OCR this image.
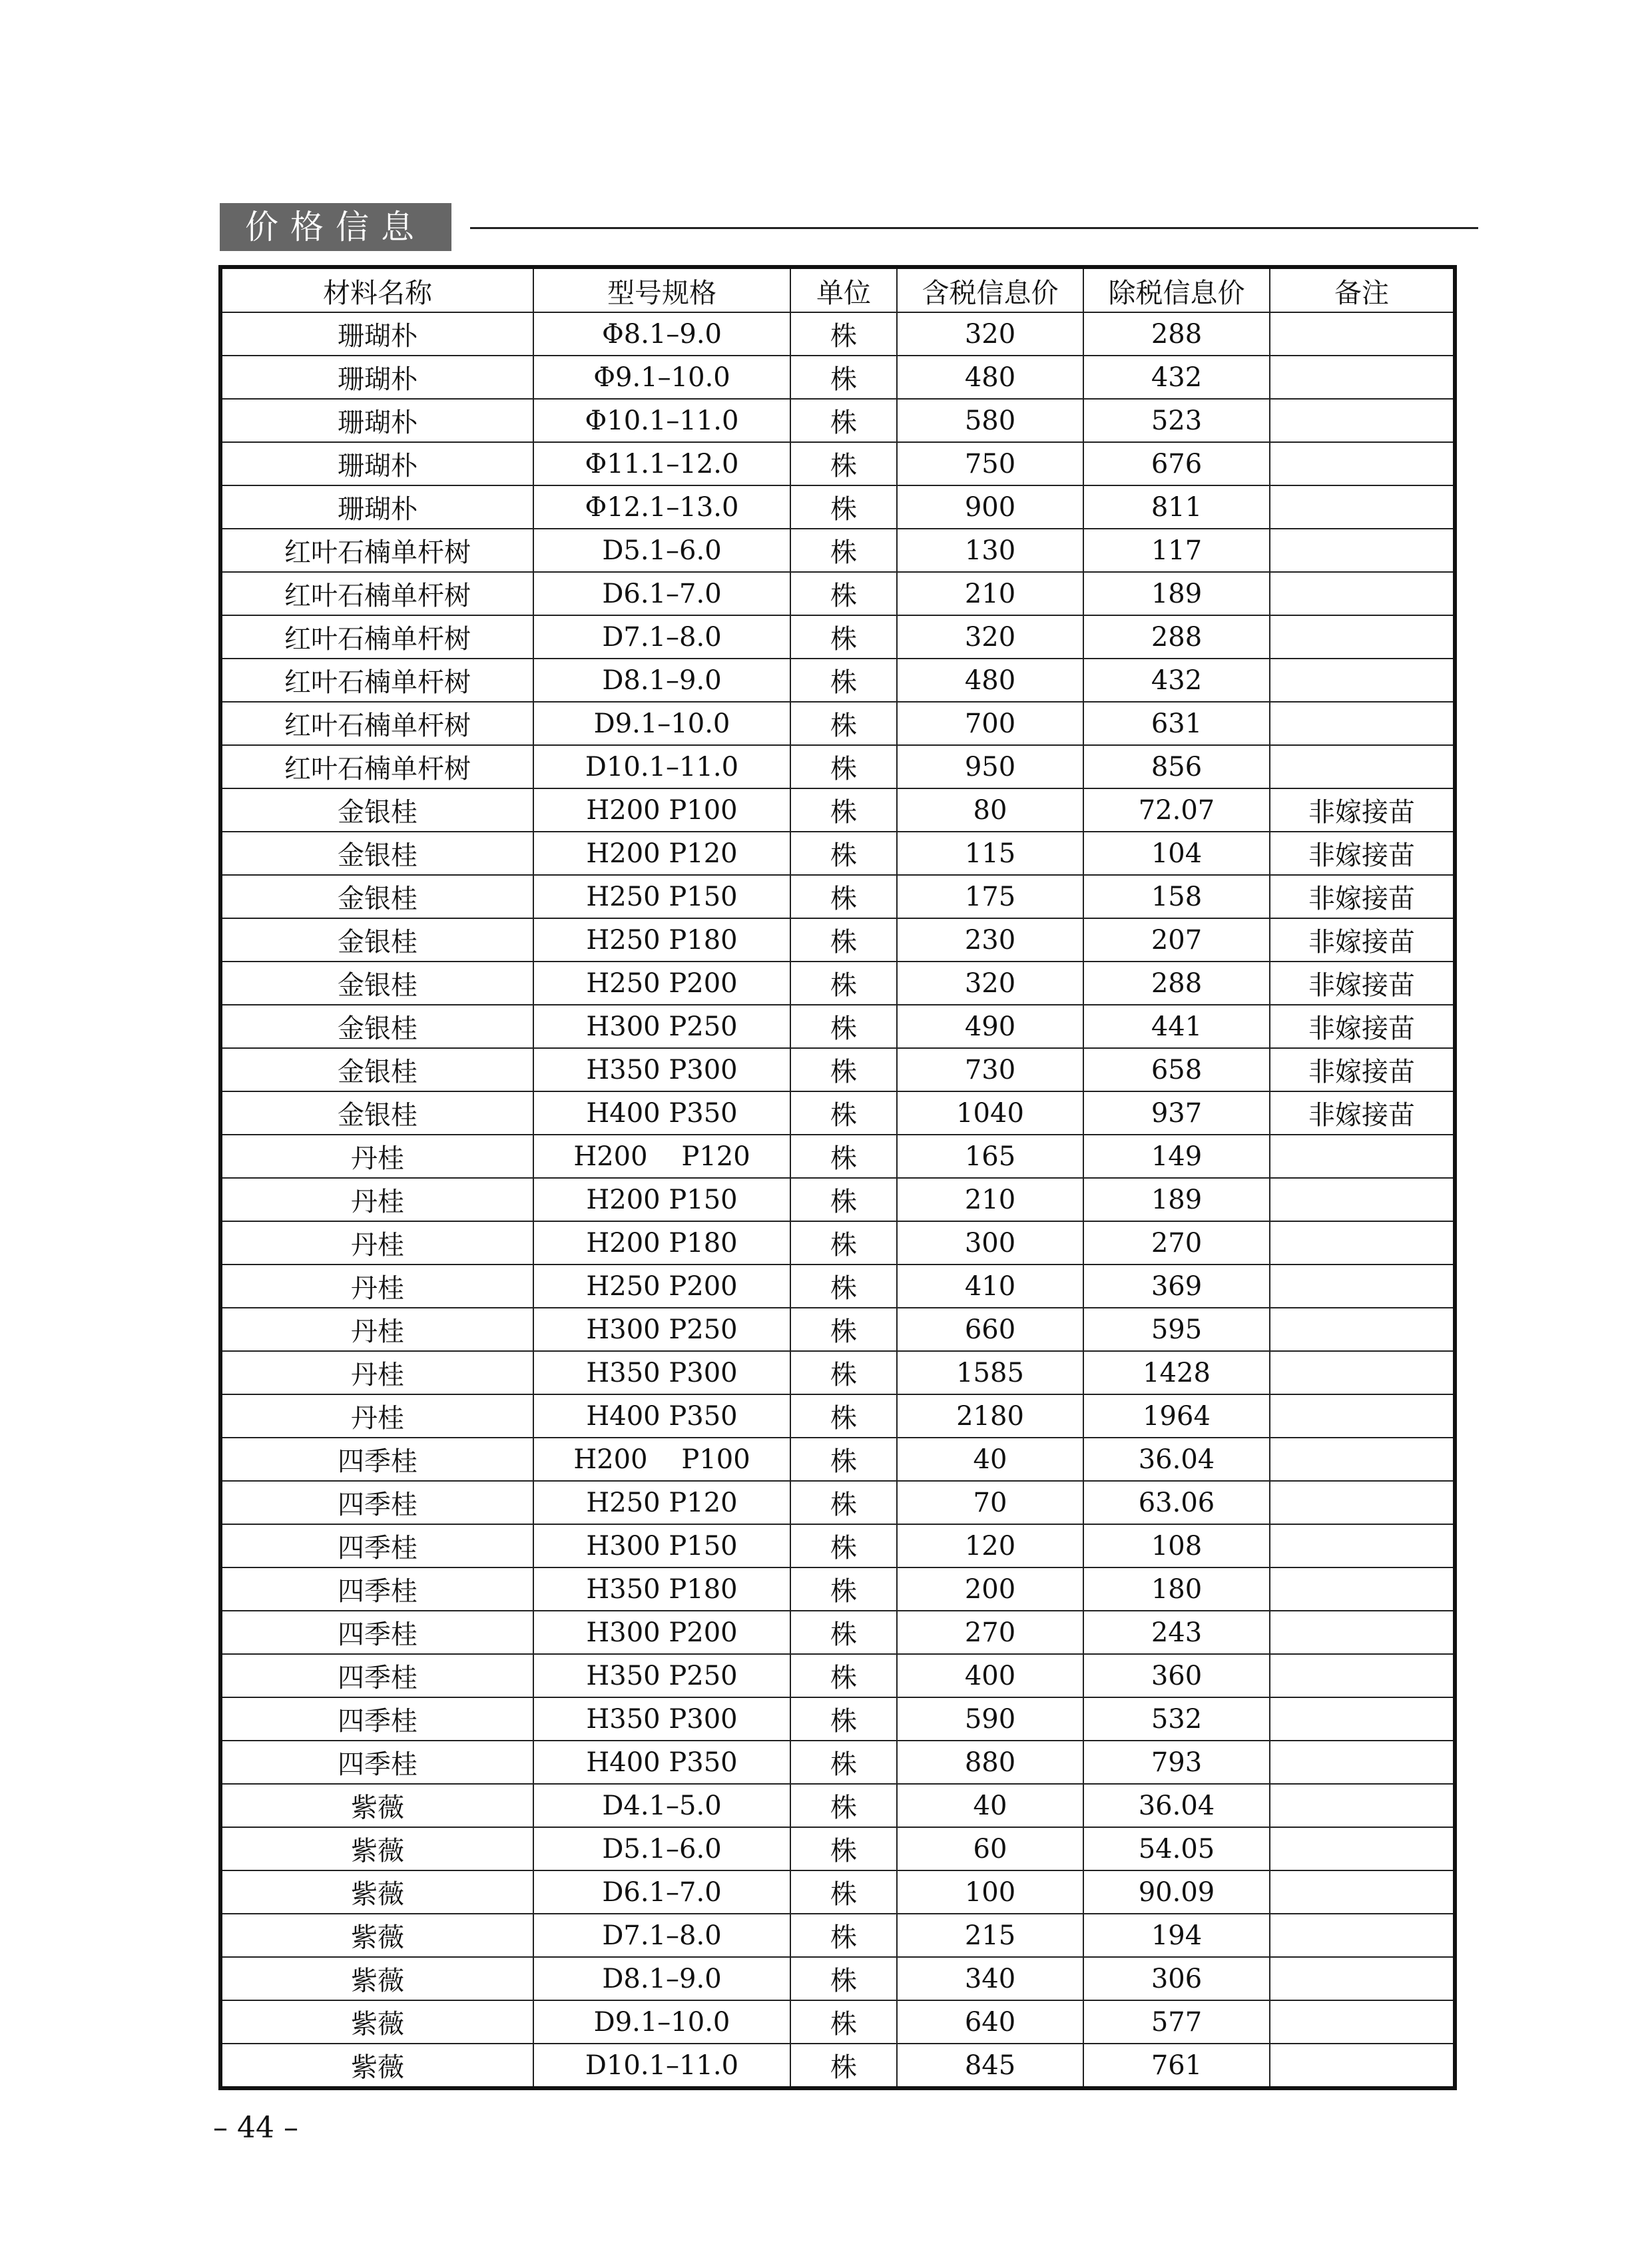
价格信息
材料名称	型号规格	单位	含税信息价	除税信息价	备注
珊瑚朴	Φ8.1–9.0	株	320	288	
珊瑚朴	Φ9.1–10.0	株	480	432	
珊瑚朴	Φ10.1–11.0	株	580	523	
珊瑚朴	Φ11.1–12.0	株	750	676	
珊瑚朴	Φ12.1–13.0	株	900	811	
红叶石楠单杆树	D5.1–6.0	株	130	117	
红叶石楠单杆树	D6.1–7.0	株	210	189	
红叶石楠单杆树	D7.1–8.0	株	320	288	
红叶石楠单杆树	D8.1–9.0	株	480	432	
红叶石楠单杆树	D9.1–10.0	株	700	631	
红叶石楠单杆树	D10.1–11.0	株	950	856	
金银桂	H200 P100	株	80	72.07	非嫁接苗
金银桂	H200 P120	株	115	104	非嫁接苗
金银桂	H250 P150	株	175	158	非嫁接苗
金银桂	H250 P180	株	230	207	非嫁接苗
金银桂	H250 P200	株	320	288	非嫁接苗
金银桂	H300 P250	株	490	441	非嫁接苗
金银桂	H350 P300	株	730	658	非嫁接苗
金银桂	H400 P350	株	1040	937	非嫁接苗
丹桂	H200    P120	株	165	149	
丹桂	H200 P150	株	210	189	
丹桂	H200 P180	株	300	270	
丹桂	H250 P200	株	410	369	
丹桂	H300 P250	株	660	595	
丹桂	H350 P300	株	1585	1428	
丹桂	H400 P350	株	2180	1964	
四季桂	H200    P100	株	40	36.04	
四季桂	H250 P120	株	70	63.06	
四季桂	H300 P150	株	120	108	
四季桂	H350 P180	株	200	180	
四季桂	H300 P200	株	270	243	
四季桂	H350 P250	株	400	360	
四季桂	H350 P300	株	590	532	
四季桂	H400 P350	株	880	793	
紫薇	D4.1–5.0	株	40	36.04	
紫薇	D5.1–6.0	株	60	54.05	
紫薇	D6.1–7.0	株	100	90.09	
紫薇	D7.1–8.0	株	215	194	
紫薇	D8.1–9.0	株	340	306	
紫薇	D9.1–10.0	株	640	577	
紫薇	D10.1–11.0	株	845	761	
– 44 –
